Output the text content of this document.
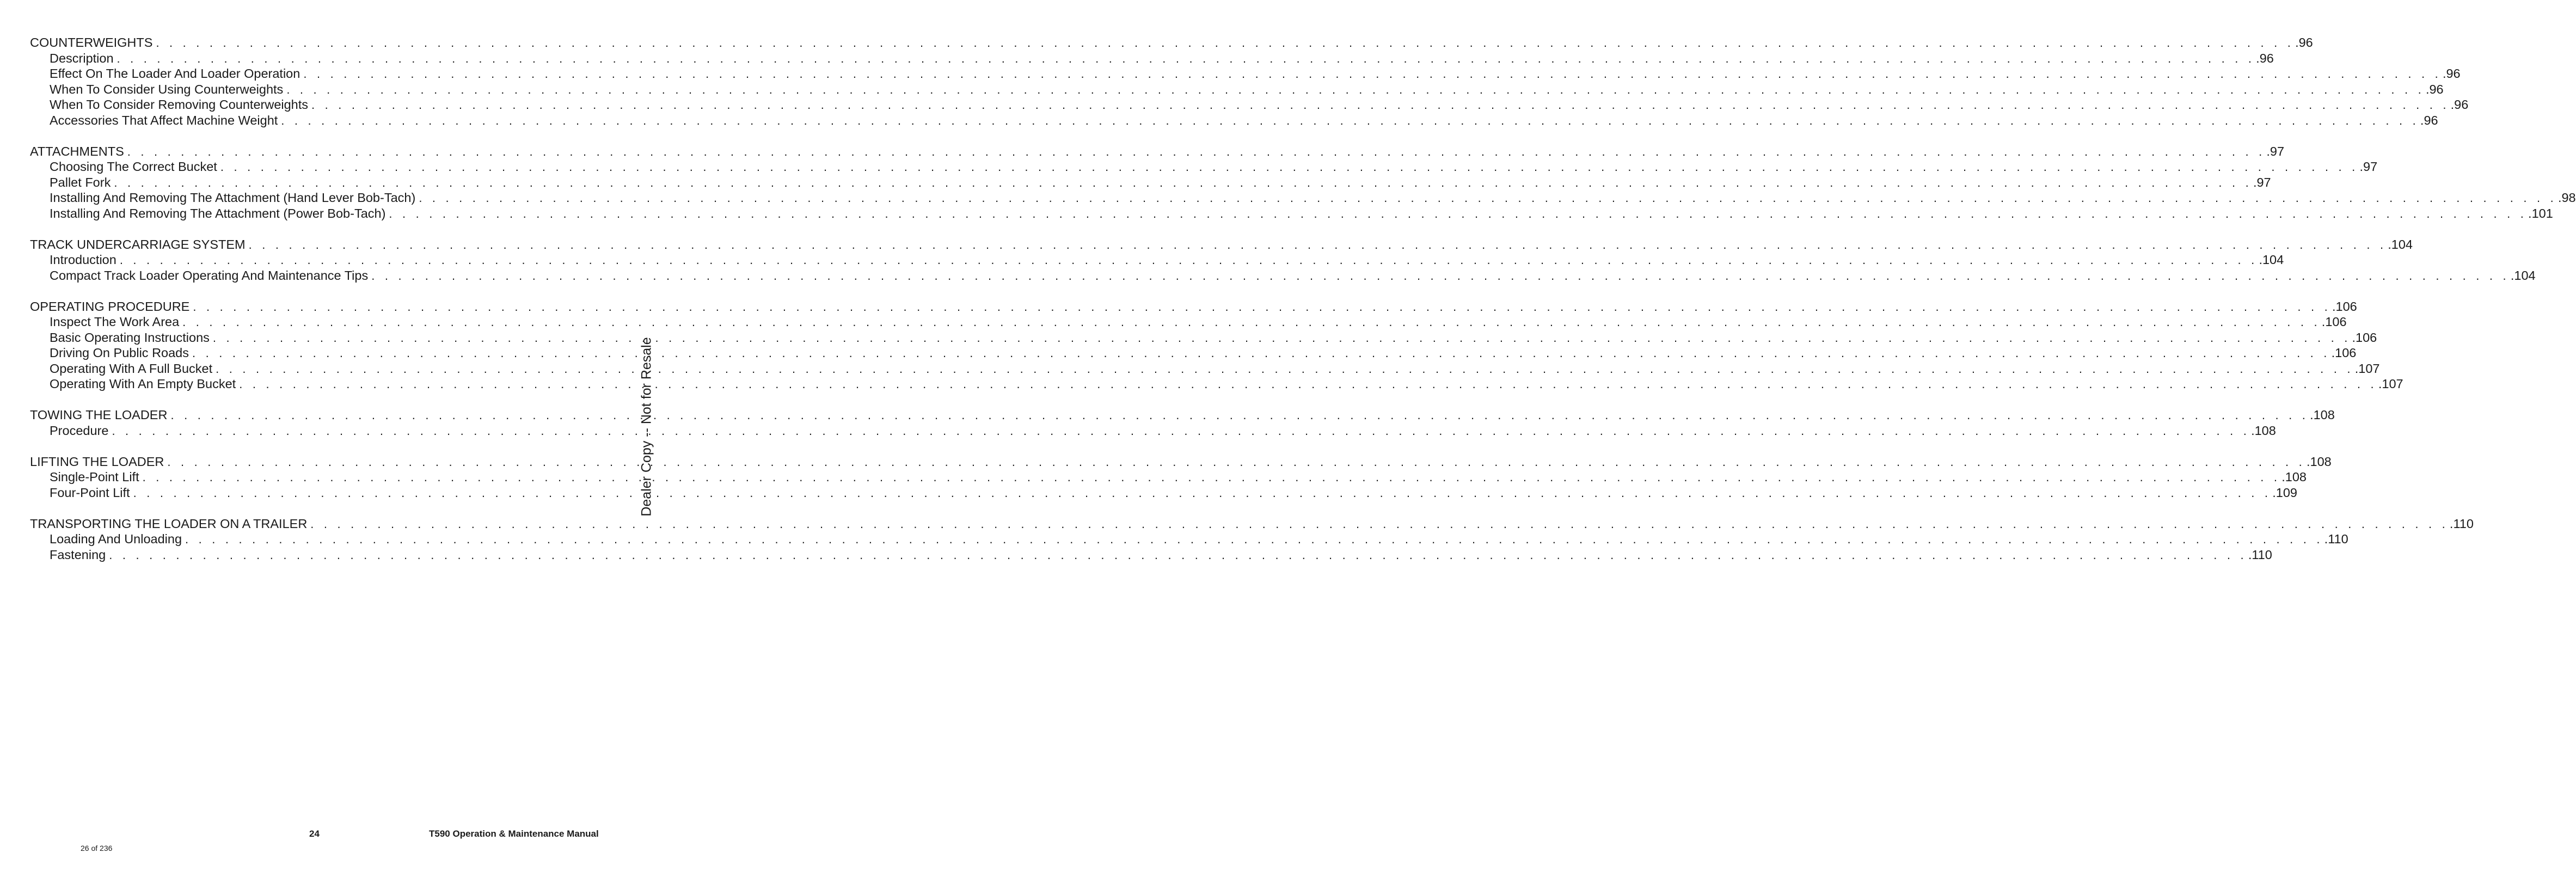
COUNTERWEIGHTS . . . . . . . . . . . . . . . . . . . . . . . . . . . . . . . . . . . . . . . . . . . . . . . . . . . . . . . . . . . . . . . . . . . . . . . . . . . . . . . . . . . . . . . . . . . . . . . . . . . . . . . . . . . . . . . . . . . . . . . . . . . . . . . . . . . . . . . . . . . . . . . . . . . . . . . . . . . . . . . . .96
Description . . . . . . . . . . . . . . . . . . . . . . . . . . . . . . . . . . . . . . . . . . . . . . . . . . . . . . . . . . . . . . . . . . . . . . . . . . . . . . . . . . . . . . . . . . . . . . . . . . . . . . . . . . . . . . . . . . . . . . . . . . . . . . . . . . . . . . . . . . . . . . . . . . . . . . . . . . . . . . . . .96
Effect On The Loader And Loader Operation . . . . . . . . . . . . . . . . . . . . . . . . . . . . . . . . . . . . . . . . . . . . . . . . . . . . . . . . . . . . . . . . . . . . . . . . . . . . . . . . . . . . . . . . . . . . . . . . . . . . . . . . . . . . . . . . . . . . . . . . . . . . . . . . . . . . . . . . . . . . . . . . . . . . . . . . . . . . . . . . .96
When To Consider Using Counterweights . . . . . . . . . . . . . . . . . . . . . . . . . . . . . . . . . . . . . . . . . . . . . . . . . . . . . . . . . . . . . . . . . . . . . . . . . . . . . . . . . . . . . . . . . . . . . . . . . . . . . . . . . . . . . . . . . . . . . . . . . . . . . . . . . . . . . . . . . . . . . . . . . . . . . . . . . . . . . . . . .96
When To Consider Removing Counterweights . . . . . . . . . . . . . . . . . . . . . . . . . . . . . . . . . . . . . . . . . . . . . . . . . . . . . . . . . . . . . . . . . . . . . . . . . . . . . . . . . . . . . . . . . . . . . . . . . . . . . . . . . . . . . . . . . . . . . . . . . . . . . . . . . . . . . . . . . . . . . . . . . . . . . . . . . . . . . . . . .96
Accessories That Affect Machine Weight . . . . . . . . . . . . . . . . . . . . . . . . . . . . . . . . . . . . . . . . . . . . . . . . . . . . . . . . . . . . . . . . . . . . . . . . . . . . . . . . . . . . . . . . . . . . . . . . . . . . . . . . . . . . . . . . . . . . . . . . . . . . . . . . . . . . . . . . . . . . . . . . . . . . . . . . . . . . . . . . .96
ATTACHMENTS . . . . . . . . . . . . . . . . . . . . . . . . . . . . . . . . . . . . . . . . . . . . . . . . . . . . . . . . . . . . . . . . . . . . . . . . . . . . . . . . . . . . . . . . . . . . . . . . . . . . . . . . . . . . . . . . . . . . . . . . . . . . . . . . . . . . . . . . . . . . . . . . . . . . . . . . . . . . . . . . .97
Choosing The Correct Bucket . . . . . . . . . . . . . . . . . . . . . . . . . . . . . . . . . . . . . . . . . . . . . . . . . . . . . . . . . . . . . . . . . . . . . . . . . . . . . . . . . . . . . . . . . . . . . . . . . . . . . . . . . . . . . . . . . . . . . . . . . . . . . . . . . . . . . . . . . . . . . . . . . . . . . . . . . . . . . . . . .97
Pallet Fork . . . . . . . . . . . . . . . . . . . . . . . . . . . . . . . . . . . . . . . . . . . . . . . . . . . . . . . . . . . . . . . . . . . . . . . . . . . . . . . . . . . . . . . . . . . . . . . . . . . . . . . . . . . . . . . . . . . . . . . . . . . . . . . . . . . . . . . . . . . . . . . . . . . . . . . . . . . . . . . . .97
Installing And Removing The Attachment (Hand Lever Bob-Tach) . . . . . . . . . . . . . . . . . . . . . . . . . . . . . . . . . . . . . . . . . . . . . . . . . . . . . . . . . . . . . . . . . . . . . . . . . . . . . . . . . . . . . . . . . . . . . . . . . . . . . . . . . . . . . . . . . . . . . . . . . . . . . . . . . . . . . . . . . . . . . . . . . . . . . . . . . . . . . . . . .98
Installing And Removing The Attachment (Power Bob-Tach) . . . . . . . . . . . . . . . . . . . . . . . . . . . . . . . . . . . . . . . . . . . . . . . . . . . . . . . . . . . . . . . . . . . . . . . . . . . . . . . . . . . . . . . . . . . . . . . . . . . . . . . . . . . . . . . . . . . . . . . . . . . . . . . . . . . . . . . . . . . . . . . . . . . . . . . . . . . . . . . . .101
TRACK UNDERCARRIAGE SYSTEM . . . . . . . . . . . . . . . . . . . . . . . . . . . . . . . . . . . . . . . . . . . . . . . . . . . . . . . . . . . . . . . . . . . . . . . . . . . . . . . . . . . . . . . . . . . . . . . . . . . . . . . . . . . . . . . . . . . . . . . . . . . . . . . . . . . . . . . . . . . . . . . . . . . . . . . . . . . . . . . . .104
Introduction . . . . . . . . . . . . . . . . . . . . . . . . . . . . . . . . . . . . . . . . . . . . . . . . . . . . . . . . . . . . . . . . . . . . . . . . . . . . . . . . . . . . . . . . . . . . . . . . . . . . . . . . . . . . . . . . . . . . . . . . . . . . . . . . . . . . . . . . . . . . . . . . . . . . . . . . . . . . . . . . .104
Compact Track Loader Operating And Maintenance Tips . . . . . . . . . . . . . . . . . . . . . . . . . . . . . . . . . . . . . . . . . . . . . . . . . . . . . . . . . . . . . . . . . . . . . . . . . . . . . . . . . . . . . . . . . . . . . . . . . . . . . . . . . . . . . . . . . . . . . . . . . . . . . . . . . . . . . . . . . . . . . . . . . . . . . . . . . . . . . . . . .104
OPERATING PROCEDURE . . . . . . . . . . . . . . . . . . . . . . . . . . . . . . . . . . . . . . . . . . . . . . . . . . . . . . . . . . . . . . . . . . . . . . . . . . . . . . . . . . . . . . . . . . . . . . . . . . . . . . . . . . . . . . . . . . . . . . . . . . . . . . . . . . . . . . . . . . . . . . . . . . . . . . . . . . . . . . . . .106
Inspect The Work Area . . . . . . . . . . . . . . . . . . . . . . . . . . . . . . . . . . . . . . . . . . . . . . . . . . . . . . . . . . . . . . . . . . . . . . . . . . . . . . . . . . . . . . . . . . . . . . . . . . . . . . . . . . . . . . . . . . . . . . . . . . . . . . . . . . . . . . . . . . . . . . . . . . . . . . . . . . . . . . . . .106
Basic Operating Instructions . . . . . . . . . . . . . . . . . . . . . . . . . . . . . . . . . . . . . . . . . . . . . . . . . . . . . . . . . . . . . . . . . . . . . . . . . . . . . . . . . . . . . . . . . . . . . . . . . . . . . . . . . . . . . . . . . . . . . . . . . . . . . . . . . . . . . . . . . . . . . . . . . . . . . . . . . . . . . . . . .106
Driving On Public Roads . . . . . . . . . . . . . . . . . . . . . . . . . . . . . . . . . . . . . . . . . . . . . . . . . . . . . . . . . . . . . . . . . . . . . . . . . . . . . . . . . . . . . . . . . . . . . . . . . . . . . . . . . . . . . . . . . . . . . . . . . . . . . . . . . . . . . . . . . . . . . . . . . . . . . . . . . . . . . . . . .106
Operating With A Full Bucket . . . . . . . . . . . . . . . . . . . . . . . . . . . . . . . . . . . . . . . . . . . . . . . . . . . . . . . . . . . . . . . . . . . . . . . . . . . . . . . . . . . . . . . . . . . . . . . . . . . . . . . . . . . . . . . . . . . . . . . . . . . . . . . . . . . . . . . . . . . . . . . . . . . . . . . . . . . . . . . . .107
Operating With An Empty Bucket . . . . . . . . . . . . . . . . . . . . . . . . . . . . . . . . . . . . . . . . . . . . . . . . . . . . . . . . . . . . . . . . . . . . . . . . . . . . . . . . . . . . . . . . . . . . . . . . . . . . . . . . . . . . . . . . . . . . . . . . . . . . . . . . . . . . . . . . . . . . . . . . . . . . . . . . . . . . . . . . .107
TOWING THE LOADER . . . . . . . . . . . . . . . . . . . . . . . . . . . . . . . . . . . . . . . . . . . . . . . . . . . . . . . . . . . . . . . . . . . . . . . . . . . . . . . . . . . . . . . . . . . . . . . . . . . . . . . . . . . . . . . . . . . . . . . . . . . . . . . . . . . . . . . . . . . . . . . . . . . . . . . . . . . . . . . . .108
Procedure . . . . . . . . . . . . . . . . . . . . . . . . . . . . . . . . . . . . . . . . . . . . . . . . . . . . . . . . . . . . . . . . . . . . . . . . . . . . . . . . . . . . . . . . . . . . . . . . . . . . . . . . . . . . . . . . . . . . . . . . . . . . . . . . . . . . . . . . . . . . . . . . . . . . . . . . . . . . . . . . .108
LIFTING THE LOADER . . . . . . . . . . . . . . . . . . . . . . . . . . . . . . . . . . . . . . . . . . . . . . . . . . . . . . . . . . . . . . . . . . . . . . . . . . . . . . . . . . . . . . . . . . . . . . . . . . . . . . . . . . . . . . . . . . . . . . . . . . . . . . . . . . . . . . . . . . . . . . . . . . . . . . . . . . . . . . . . .108
Single-Point Lift . . . . . . . . . . . . . . . . . . . . . . . . . . . . . . . . . . . . . . . . . . . . . . . . . . . . . . . . . . . . . . . . . . . . . . . . . . . . . . . . . . . . . . . . . . . . . . . . . . . . . . . . . . . . . . . . . . . . . . . . . . . . . . . . . . . . . . . . . . . . . . . . . . . . . . . . . . . . . . . . .108
Four-Point Lift . . . . . . . . . . . . . . . . . . . . . . . . . . . . . . . . . . . . . . . . . . . . . . . . . . . . . . . . . . . . . . . . . . . . . . . . . . . . . . . . . . . . . . . . . . . . . . . . . . . . . . . . . . . . . . . . . . . . . . . . . . . . . . . . . . . . . . . . . . . . . . . . . . . . . . . . . . . . . . . . .109
TRANSPORTING THE LOADER ON A TRAILER . . . . . . . . . . . . . . . . . . . . . . . . . . . . . . . . . . . . . . . . . . . . . . . . . . . . . . . . . . . . . . . . . . . . . . . . . . . . . . . . . . . . . . . . . . . . . . . . . . . . . . . . . . . . . . . . . . . . . . . . . . . . . . . . . . . . . . . . . . . . . . . . . . . . . . . . . . . . . . . . .110
Loading And Unloading . . . . . . . . . . . . . . . . . . . . . . . . . . . . . . . . . . . . . . . . . . . . . . . . . . . . . . . . . . . . . . . . . . . . . . . . . . . . . . . . . . . . . . . . . . . . . . . . . . . . . . . . . . . . . . . . . . . . . . . . . . . . . . . . . . . . . . . . . . . . . . . . . . . . . . . . . . . . . . . . .110
Fastening . . . . . . . . . . . . . . . . . . . . . . . . . . . . . . . . . . . . . . . . . . . . . . . . . . . . . . . . . . . . . . . . . . . . . . . . . . . . . . . . . . . . . . . . . . . . . . . . . . . . . . . . . . . . . . . . . . . . . . . . . . . . . . . . . . . . . . . . . . . . . . . . . . . . . . . . . . . . . . . . .110
Dealer Copy -- Not for Resale
24	T590 Operation & Maintenance Manual
26 of 236
